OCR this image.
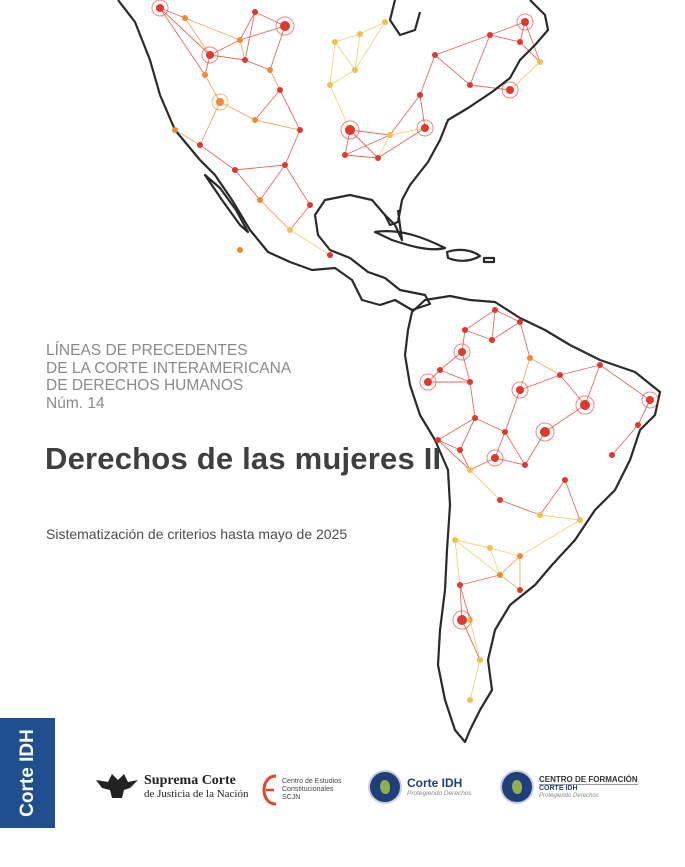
LÍNEAS DE PRECEDENTES
DE LA CORTE INTERAMERICANA
DE DERECHOS HUMANOS
Núm. 14
Derechos de las mujeres II
Sistematización de criterios hasta mayo de 2025
Corte IDH	Suprema Corte
de Justicia de la Nación
Centro de Estudios
Constitucionales
SCJN
Corte IDH
Protegiendo Derechos
CENTRO DE FORMACIÓN
CORTE IDH
Protegiendo Derechos
